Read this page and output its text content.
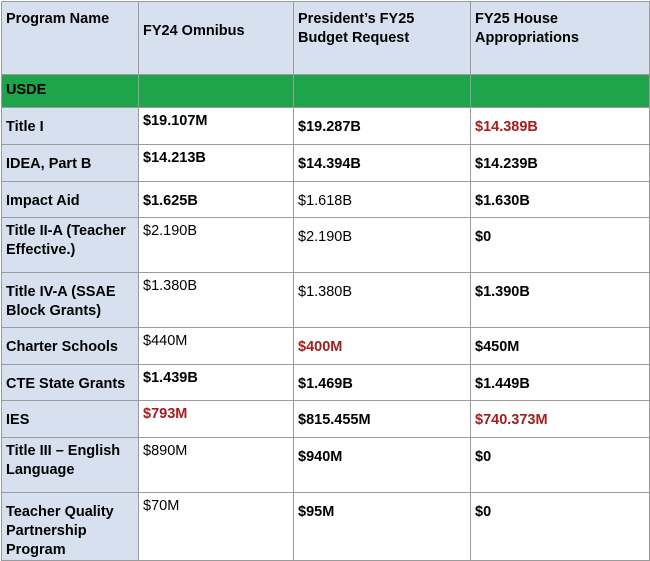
Program Name	FY24 Omnibus	President’s FY25 Budget Request	FY25 House Appropriations
USDE			
Title I	$19.107M	$19.287B	$14.389B
IDEA, Part B	$14.213B	$14.394B	$14.239B
Impact Aid	$1.625B	$1.618B	$1.630B
Title II-A (Teacher Effective.)	$2.190B	$2.190B	$0
Title IV-A (SSAE Block Grants)	$1.380B	$1.380B	$1.390B
Charter Schools	$440M	$400M	$450M
CTE State Grants	$1.439B	$1.469B	$1.449B
IES	$793M	$815.455M	$740.373M
Title III – English Language	$890M	$940M	$0
Teacher Quality Partnership Program	$70M	$95M	$0
